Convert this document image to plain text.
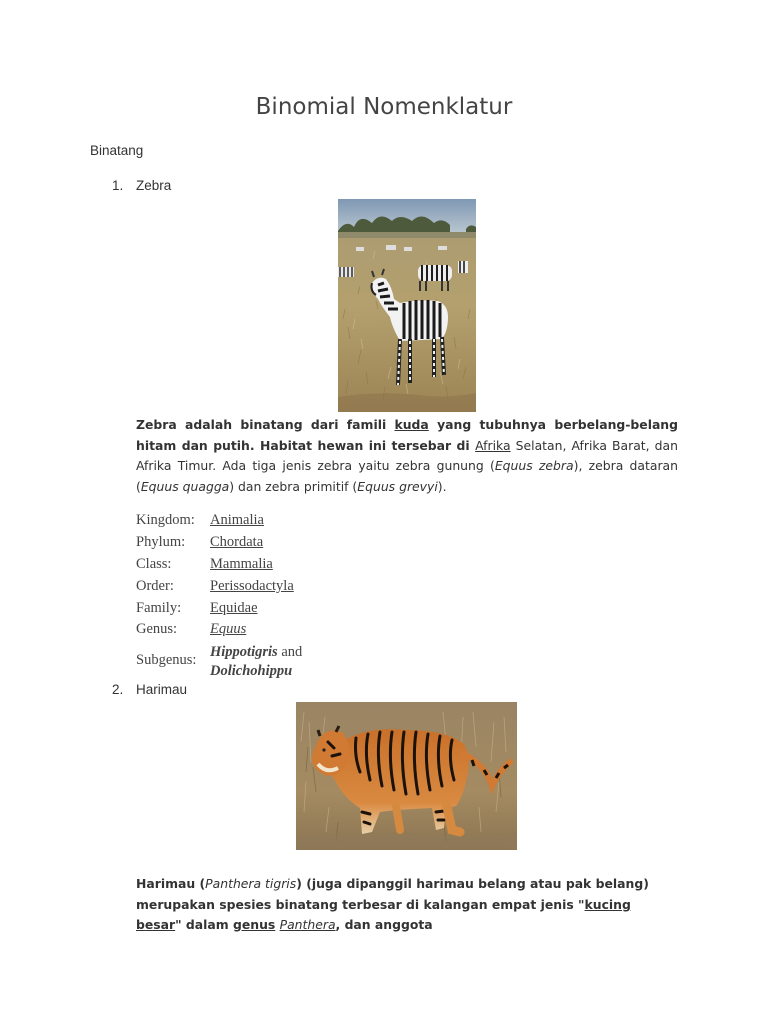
Binomial Nomenklatur
Binatang
1. Zebra
Zebra adalah binatang dari famili kuda yang tubuhnya berbelang-belang hitam dan putih. Habitat hewan ini tersebar di Afrika Selatan, Afrika Barat, dan Afrika Timur. Ada tiga jenis zebra yaitu zebra gunung (Equus zebra), zebra dataran (Equus quagga) dan zebra primitif (Equus grevyi).
Kingdom:	Animalia
Phylum:	Chordata
Class:	Mammalia
Order:	Perissodactyla
Family:	Equidae
Genus:	Equus
Subgenus:	Hippotigris and
Dolichohippu
2. Harimau
Harimau (Panthera tigris) (juga dipanggil harimau belang atau pak belang) merupakan spesies binatang terbesar di kalangan empat jenis "kucing besar" dalam genus Panthera, dan anggota
